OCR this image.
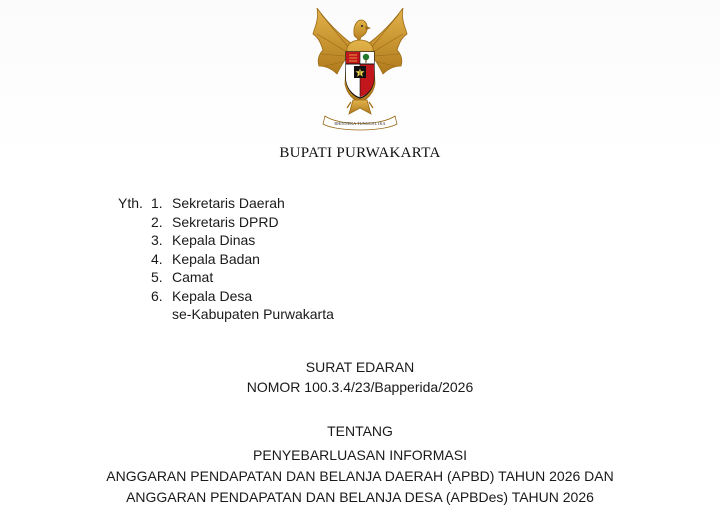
BHINNEKA TUNGGAL IKA
BUPATI PURWAKARTA
Yth. 1. Sekretaris Daerah
2. Sekretaris DPRD
3. Kepala Dinas
4. Kepala Badan
5. Camat
6. Kepala Desa
se-Kabupaten Purwakarta
SURAT EDARAN
NOMOR 100.3.4/23/Bapperida/2026
TENTANG
PENYEBARLUASAN INFORMASI
ANGGARAN PENDAPATAN DAN BELANJA DAERAH (APBD) TAHUN 2026 DAN
ANGGARAN PENDAPATAN DAN BELANJA DESA (APBDes) TAHUN 2026
